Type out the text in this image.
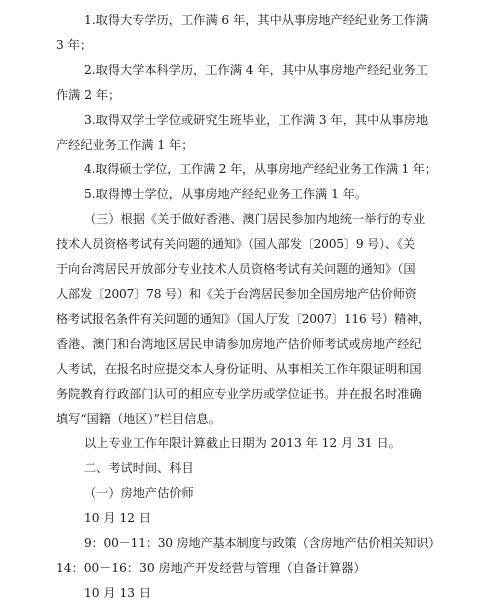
1.取得大专学历，工作满 6 年，其中从事房地产经纪业务工作满

3 年；

2.取得大学本科学历，工作满 4 年，其中从事房地产经纪业务工

作满 2 年；

3.取得双学士学位或研究生班毕业，工作满 3 年，其中从事房地

产经纪业务工作满 1 年；

4.取得硕士学位，工作满 2 年，从事房地产经纪业务工作满 1 年；

5.取得博士学位，从事房地产经纪业务工作满 1 年。

（三）根据《关于做好香港、澳门居民参加内地统一举行的专业

技术人员资格考试有关问题的通知》（国人部发〔2005〕9 号）、《关

于向台湾居民开放部分专业技术人员资格考试有关问题的通知》（国

人部发〔2007〕78 号）和《关于台湾居民参加全国房地产估价师资

格考试报名条件有关问题的通知》（国人厅发〔2007〕116 号）精神，

香港、澳门和台湾地区居民申请参加房地产估价师考试或房地产经纪

人考试，在报名时应提交本人身份证明、从事相关工作年限证明和国

务院教育行政部门认可的相应专业学历或学位证书。并在报名时准确

填写“国籍（地区）”栏目信息。

以上专业工作年限计算截止日期为 2013 年 12 月 31 日。

二、考试时间、科目

（一）房地产估价师

10 月 12 日

9：00－11：30 房地产基本制度与政策（含房地产估价相关知识）

14：00－16：30 房地产开发经营与管理（自备计算器）

10 月 13 日
